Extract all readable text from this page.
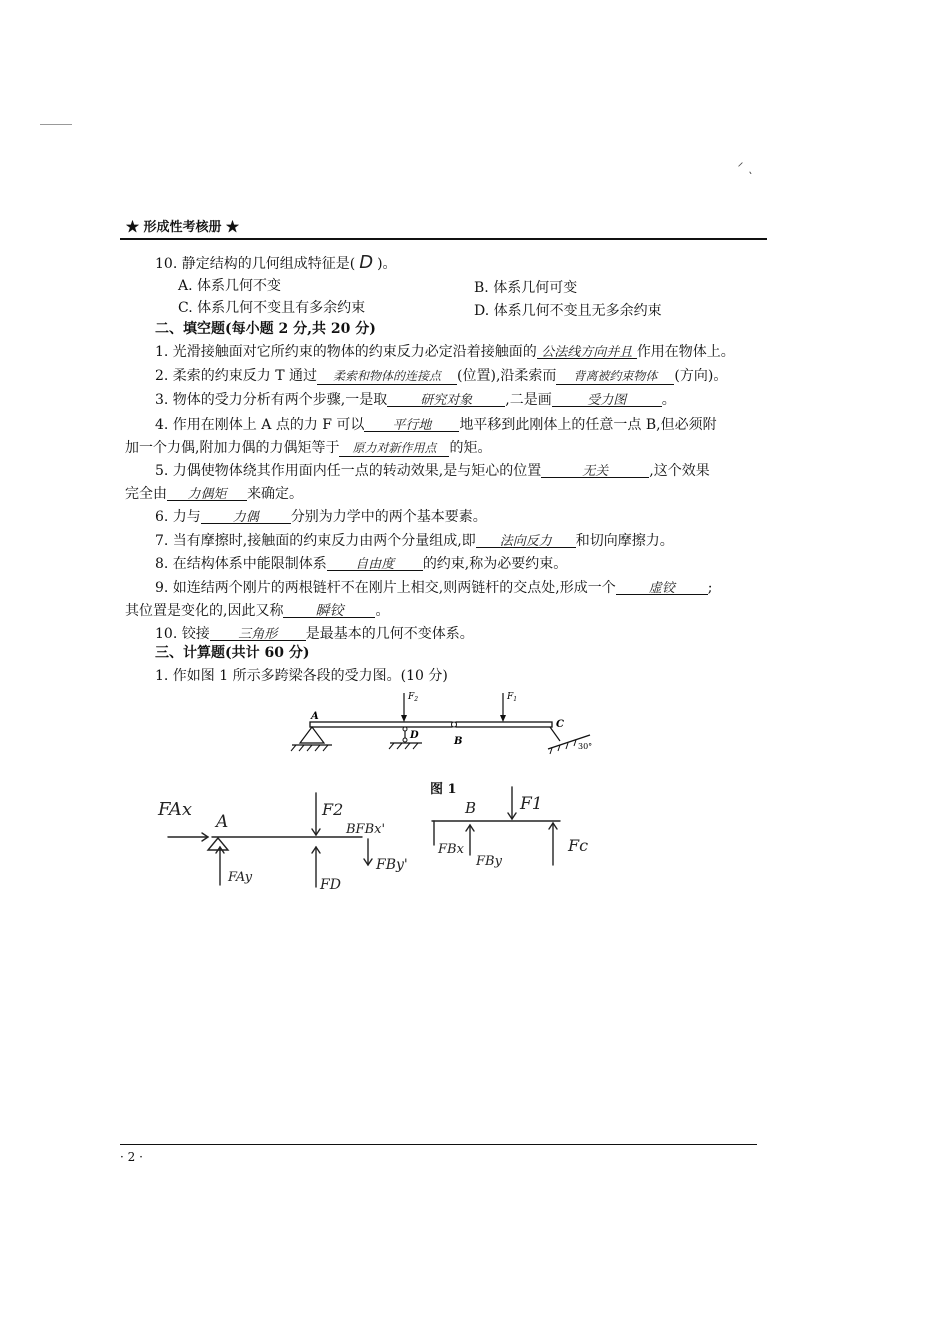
ᐟ ˎ
★ 形成性考核册 ★
10. 静定结构的几何组成特征是( D )。
A. 体系几何不变	B. 体系几何可变
C. 体系几何不变且有多余约束	D. 体系几何不变且无多余约束
二、填空题(每小题 2 分,共 20 分)
1. 光滑接触面对它所约束的物体的约束反力必定沿着接触面的 公法线方向并且 作用在物体上。
2. 柔索的约束反力 T 通过 柔索和物体的连接点 (位置),沿柔索而 背离被约束物体 (方向)。
3. 物体的受力分析有两个步骤,一是取	研究对象 ,二是画	受力图	。
4. 作用在刚体上 A 点的力 F 可以 平行地 地平移到此刚体上的任意一点 B,但必须附
加一个力偶,附加力偶的力偶矩等于 原力对新作用点 的矩。
5. 力偶使物体绕其作用面内任一点的转动效果,是与矩心的位置	无关	,这个效果
完全由 力偶矩 来确定。
6. 力与 力偶 分别为力学中的两个基本要素。
7. 当有摩擦时,接触面的约束反力由两个分量组成,即 法向反力 和切向摩擦力。
8. 在结构体系中能限制体系 自由度 的约束,称为必要约束。
9. 如连结两个刚片的两根链杆不在刚片上相交,则两链杆的交点处,形成一个	虚铰 ;
其位置是变化的,因此又称 瞬铰 。
10. 铰接 三角形 是最基本的几何不变体系。
三、计算题(共计 60 分)
1. 作如图 1 所示多跨梁各段的受力图。(10 分)
A
D
B
C
$F_2$	$F_1$
30°
图 1
FAx
A
F2
BFBx'
FAy	FD
FBy'
B	F1
FBx
FBy
Fc
· 2 ·
